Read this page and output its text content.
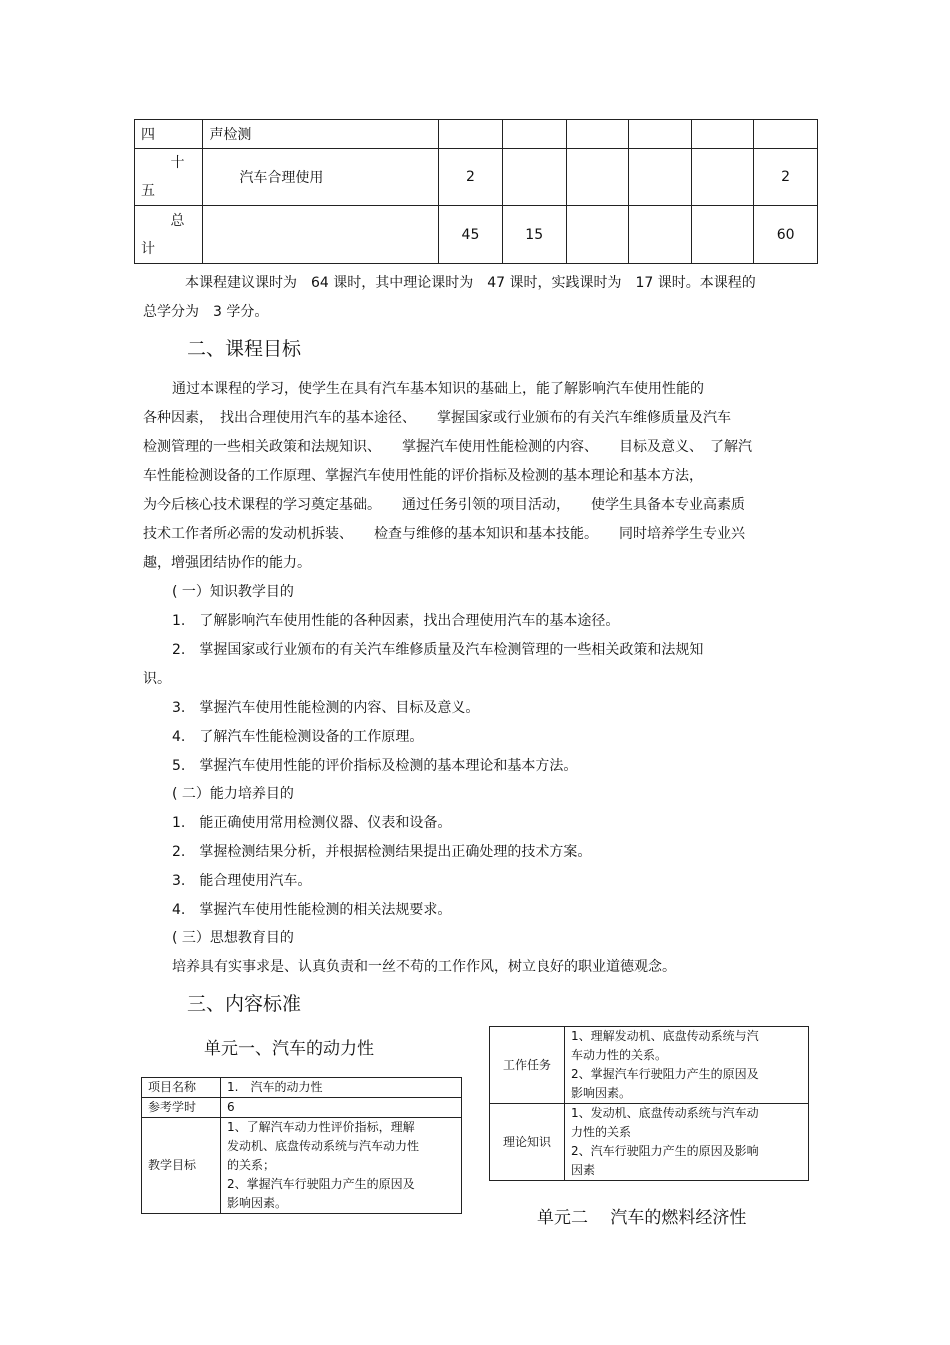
四	声检测						

十
五	汽车合理使用	2					2

总
计		45	15				60
本课程建议课时为　64 课时，其中理论课时为　47 课时，实践课时为　17 课时。本课程的
总学分为　3 学分。
二、课程目标
通过本课程的学习，使学生在具有汽车基本知识的基础上，能了解影响汽车使用性能的
各种因素，　找出合理使用汽车的基本途径、　　掌握国家或行业颁布的有关汽车维修质量及汽车
检测管理的一些相关政策和法规知识、　　掌握汽车使用性能检测的内容、　　目标及意义、　了解汽
车性能检测设备的工作原理、掌握汽车使用性能的评价指标及检测的基本理论和基本方法，
为今后核心技术课程的学习奠定基础。　　通过任务引领的项目活动，　　使学生具备本专业高素质
技术工作者所必需的发动机拆装、　　检查与维修的基本知识和基本技能。　　同时培养学生专业兴
趣，增强团结协作的能力。
( 一）知识教学目的
1.　了解影响汽车使用性能的各种因素，找出合理使用汽车的基本途径。
2.　掌握国家或行业颁布的有关汽车维修质量及汽车检测管理的一些相关政策和法规知
识。
3.　掌握汽车使用性能检测的内容、目标及意义。
4.　了解汽车性能检测设备的工作原理。
5.　掌握汽车使用性能的评价指标及检测的基本理论和基本方法。
( 二）能力培养目的
1.　能正确使用常用检测仪器、仪表和设备。
2.　掌握检测结果分析，并根据检测结果提出正确处理的技术方案。
3.　能合理使用汽车。
4.　掌握汽车使用性能检测的相关法规要求。
( 三）思想教育目的
培养具有实事求是、认真负责和一丝不苟的工作作风，树立良好的职业道德观念。
三、内容标准
单元一、汽车的动力性
单元二　 汽车的燃料经济性
项目名称	1.　汽车的动力性
参考学时	6
教学目标	1、了解汽车动力性评价指标，理解
发动机、底盘传动系统与汽车动力性
的关系；
2、掌握汽车行驶阻力产生的原因及
影响因素。
工作任务	1、理解发动机、底盘传动系统与汽
车动力性的关系。
2、掌握汽车行驶阻力产生的原因及
影响因素。

理论知识	1、发动机、底盘传动系统与汽车动
力性的关系
2、汽车行驶阻力产生的原因及影响
因素
